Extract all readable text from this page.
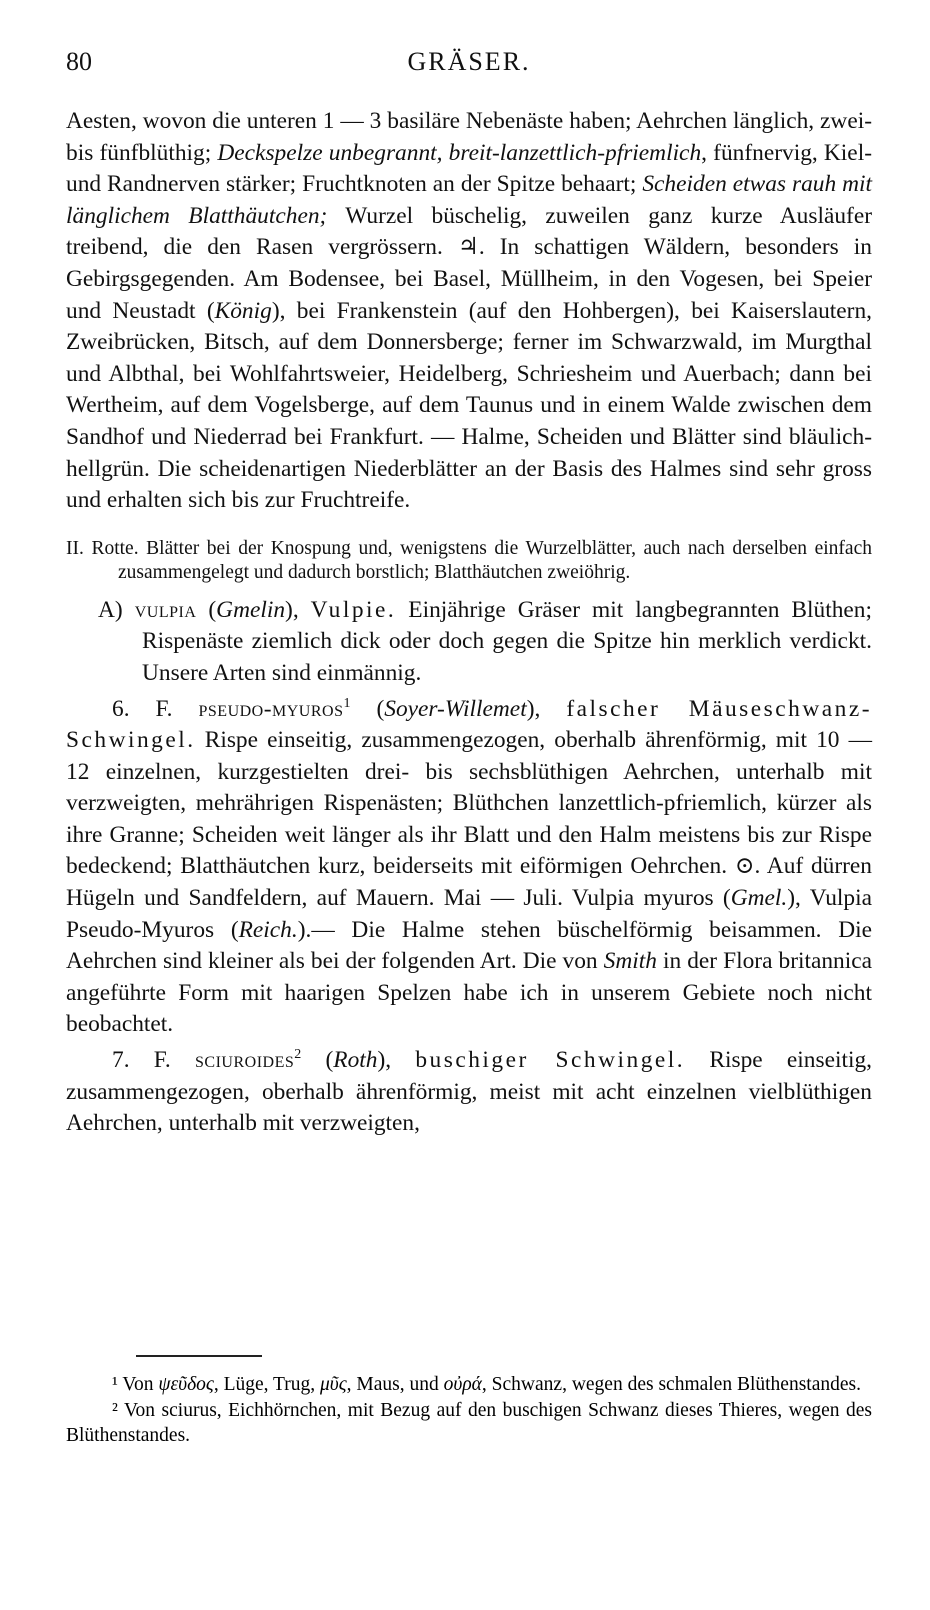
80	GRÄSER.

Aesten, wovon die unteren 1 — 3 basiläre Nebenäste haben; Aehrchen länglich, zwei- bis fünfblüthig; Deckspelze unbegrannt, breit-lanzettlich-pfriemlich, fünfnervig, Kiel- und Randnerven stärker; Fruchtknoten an der Spitze behaart; Scheiden etwas rauh mit länglichem Blatthäutchen; Wurzel büschelig, zuweilen ganz kurze Ausläufer treibend, die den Rasen vergrössern. ♃. In schattigen Wäldern, besonders in Gebirgsgegenden. Am Bodensee, bei Basel, Müllheim, in den Vogesen, bei Speier und Neustadt (König), bei Frankenstein (auf den Hohbergen), bei Kaiserslautern, Zweibrücken, Bitsch, auf dem Donnersberge; ferner im Schwarzwald, im Murgthal und Albthal, bei Wohlfahrtsweier, Heidelberg, Schriesheim und Auerbach; dann bei Wertheim, auf dem Vogelsberge, auf dem Taunus und in einem Walde zwischen dem Sandhof und Niederrad bei Frankfurt. — Halme, Scheiden und Blätter sind bläulich-hellgrün. Die scheidenartigen Niederblätter an der Basis des Halmes sind sehr gross und erhalten sich bis zur Fruchtreife.

II. Rotte. Blätter bei der Knospung und, wenigstens die Wurzelblätter, auch nach derselben einfach zusammengelegt und dadurch borstlich; Blatthäutchen zweiöhrig.

A) vulpia (Gmelin), Vulpie. Einjährige Gräser mit langbegrannten Blüthen; Rispenäste ziemlich dick oder doch gegen die Spitze hin merklich verdickt. Unsere Arten sind einmännig.

6. F. pseudo-myuros$^1$ (Soyer-Willemet), falscher Mäuseschwanz-Schwingel. Rispe einseitig, zusammengezogen, oberhalb ährenförmig, mit 10 — 12 einzelnen, kurzgestielten drei- bis sechsblüthigen Aehrchen, unterhalb mit verzweigten, mehrährigen Rispenästen; Blüthchen lanzettlich-pfriemlich, kürzer als ihre Granne; Scheiden weit länger als ihr Blatt und den Halm meistens bis zur Rispe bedeckend; Blatthäutchen kurz, beiderseits mit eiförmigen Oehrchen. ⊙. Auf dürren Hügeln und Sandfeldern, auf Mauern. Mai — Juli. Vulpia myuros (Gmel.), Vulpia Pseudo-Myuros (Reich.).— Die Halme stehen büschelförmig beisammen. Die Aehrchen sind kleiner als bei der folgenden Art. Die von Smith in der Flora britannica angeführte Form mit haarigen Spelzen habe ich in unserem Gebiete noch nicht beobachtet.

7. F. sciuroides$^2$ (Roth), buschiger Schwingel. Rispe einseitig, zusammengezogen, oberhalb ährenförmig, meist mit acht einzelnen vielblüthigen Aehrchen, unterhalb mit verzweigten,

¹ Von ψεῦδος, Lüge, Trug, μῦς, Maus, und οὐρά, Schwanz, wegen des schmalen Blüthenstandes.

² Von sciurus, Eichhörnchen, mit Bezug auf den buschigen Schwanz dieses Thieres, wegen des Blüthenstandes.
